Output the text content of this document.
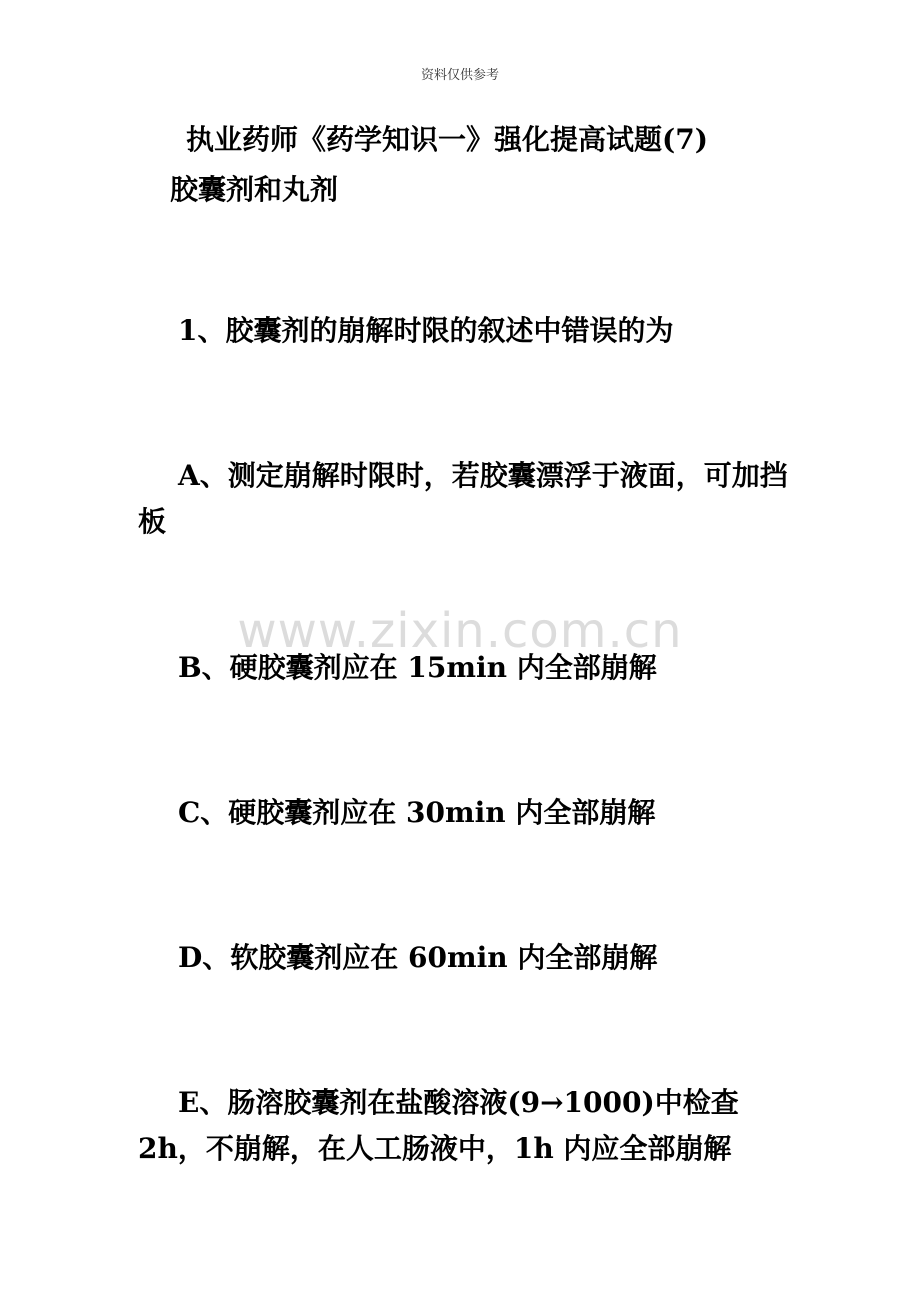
资料仅供参考
执业药师《药学知识一》强化提高试题(7)
胶囊剂和丸剂
1、胶囊剂的崩解时限的叙述中错误的为
A、测定崩解时限时，若胶囊漂浮于液面，可加挡板
www.zixin.com.cn
B、硬胶囊剂应在 15min 内全部崩解
C、硬胶囊剂应在 30min 内全部崩解
D、软胶囊剂应在 60min 内全部崩解
E、肠溶胶囊剂在盐酸溶液(9→1000)中检查 2h，不崩解，在人工肠液中，1h 内应全部崩解
